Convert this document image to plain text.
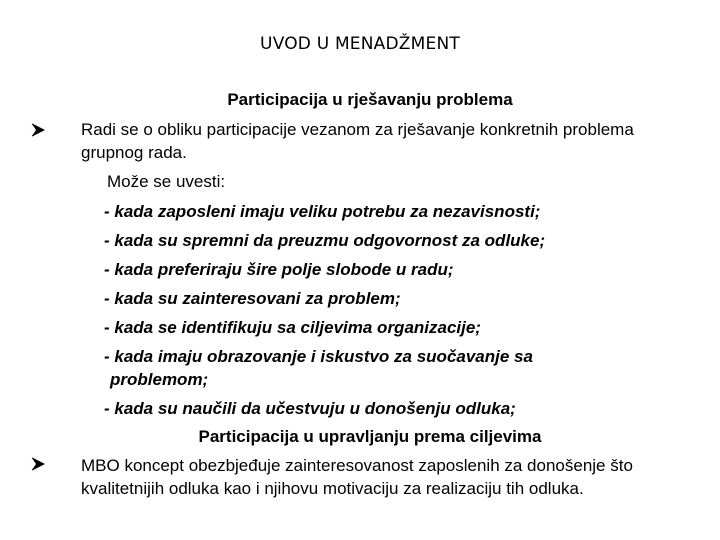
UVOD U MENADŽMENT
Participacija u rješavanju problema
Radi se o obliku participacije vezanom za rješavanje konkretnih problema grupnog rada.
Može se uvesti:
- kada zaposleni imaju veliku potrebu za nezavisnosti;
- kada su spremni da preuzmu odgovornost za odluke;
- kada preferiraju šire polje slobode u radu;
- kada su zainteresovani za problem;
- kada se identifikuju sa ciljevima organizacije;
- kada imaju obrazovanje i iskustvo za suočavanje sa
problemom;
- kada su naučili da učestvuju u donošenju odluka;
Participacija u upravljanju prema ciljevima
MBO koncept obezbjeđuje zainteresovanost zaposlenih za donošenje što kvalitetnijih odluka kao i njihovu motivaciju za realizaciju tih odluka.
